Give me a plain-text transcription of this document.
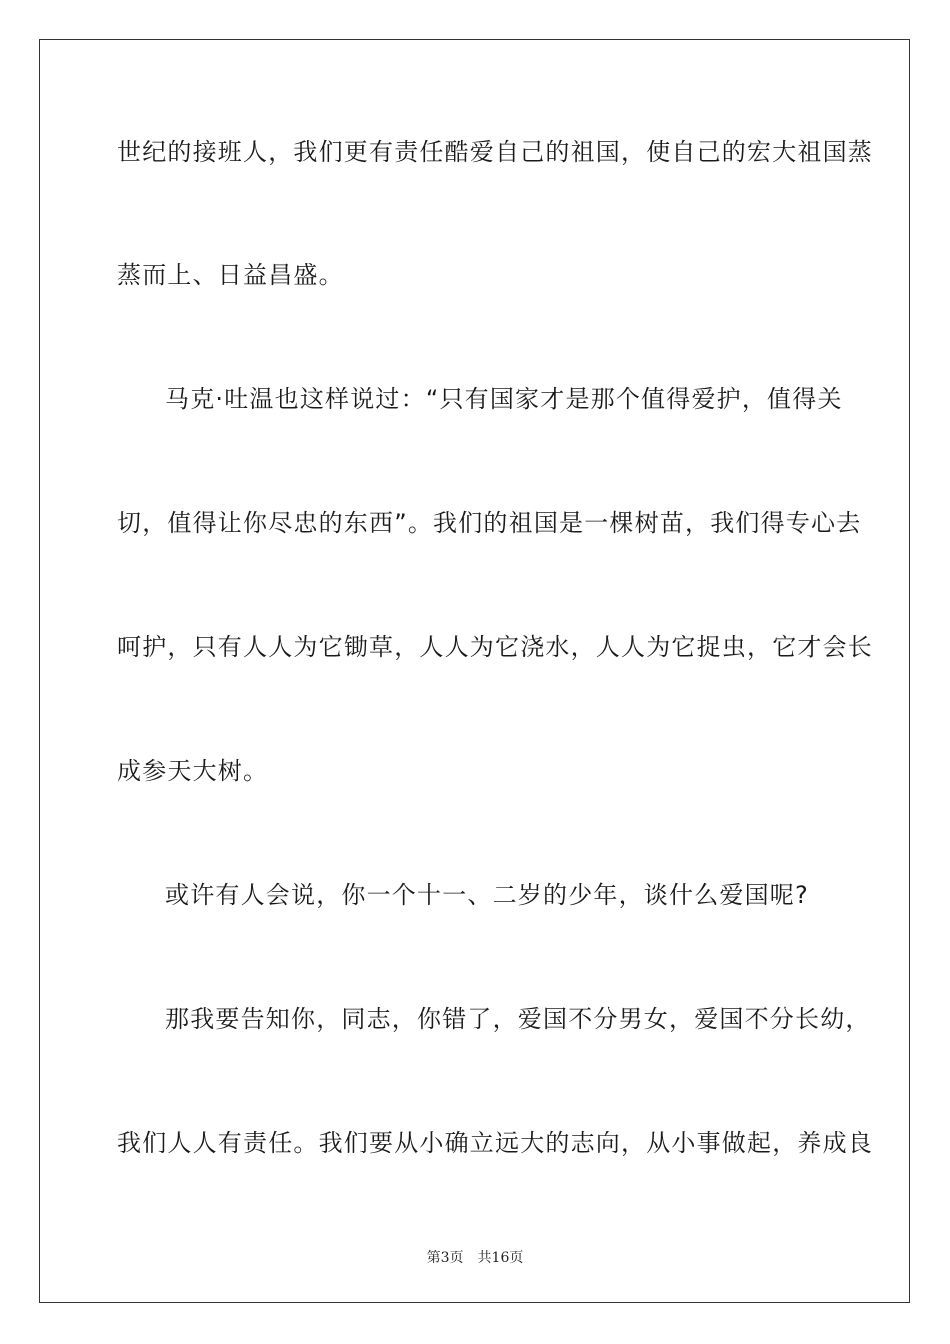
世纪的接班人，我们更有责任酷爱自己的祖国，使自己的宏大祖国蒸
蒸而上、日益昌盛。
马克·吐温也这样说过：“只有国家才是那个值得爱护，值得关
切，值得让你尽忠的东西”。我们的祖国是一棵树苗，我们得专心去
呵护，只有人人为它锄草，人人为它浇水，人人为它捉虫，它才会长
成参天大树。
或许有人会说，你一个十一、二岁的少年，谈什么爱国呢?
那我要告知你，同志，你错了，爱国不分男女，爱国不分长幼，
我们人人有责任。我们要从小确立远大的志向，从小事做起，养成良
第3页 共16页
